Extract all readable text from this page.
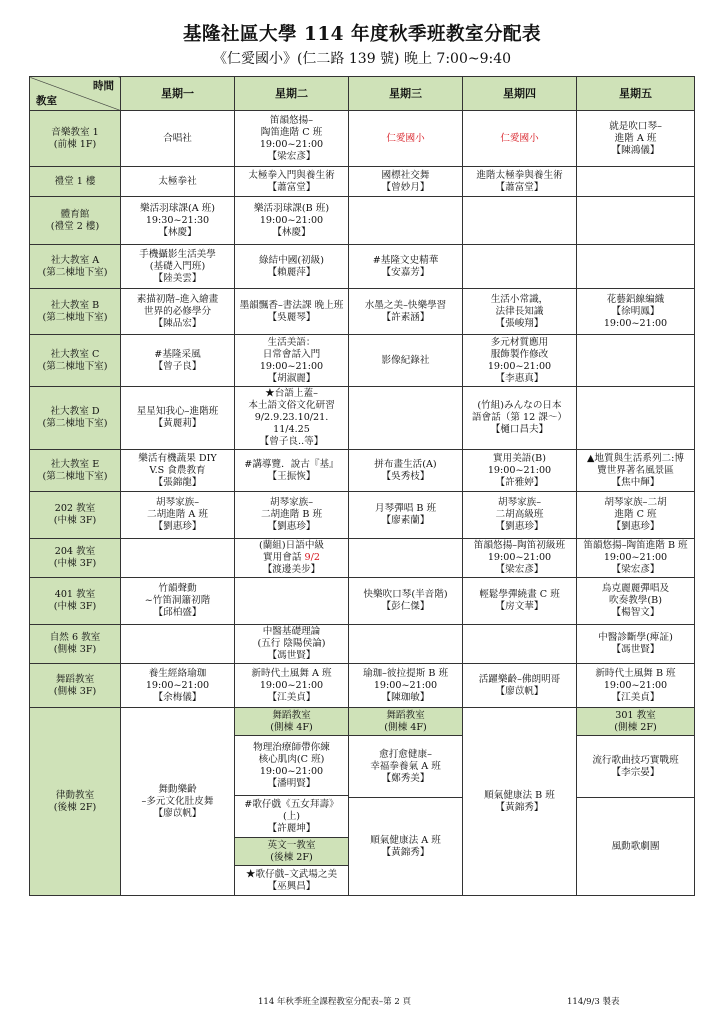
基隆社區大學 114 年度秋季班教室分配表
《仁愛國小》(仁二路 139 號) 晚上 7:00~9:40
時間
教室	星期一	星期二	星期三	星期四	星期五

音樂教室 1
(前棟 1F)	合唱社	笛韻悠揚–
陶笛進階 C 班
19:00~21:00
【梁宏彥】	仁愛國小	仁愛國小	就是吹口琴–
進階 A 班
【陳鴻儀】

禮堂 1 樓	太極拳社	太極拳入門與養生術
【蕭富堂】	國標社交舞
【曾妙月】	進階太極拳與養生術
【蕭富堂】	

體育館
(禮堂 2 樓)	樂活羽球課(A 班)
19:30~21:30
【林慶】	樂活羽球課(B 班)
19:00~21:00
【林慶】			

社大教室 A
(第二棟地下室)	手機攝影生活美學
(基礎入門班)
【陸美雲】	綠結中國(初級)
【賴麗萍】	#基隆文史精華
【安嘉芳】		

社大教室 B
(第二棟地下室)	素描初階–進入繪畫
世界的必修學分
【陳品宏】	墨韻飄香–書法課 晚上班
【吳麗琴】	水墨之美–快樂學習
【許素涵】	生活小常識，
法律長知識
【張峻翔】	花藝鋁線編織
【徐明鳳】
19:00~21:00

社大教室 C
(第二棟地下室)	#基隆采風
【曾子良】	生活美語：
日常會話入門
19:00~21:00
【胡淑麗】	影像紀錄社	多元材質應用
服飾製作修改
19:00~21:00
【李惠真】	

社大教室 D
(第二棟地下室)	星星知我心–進階班
【黃麗莉】	★台語上蓋–
本土語文俗文化研習
9/2.9.23.10/21.
11/4.25
【曾子良..等】		(竹組)みんなの日本
語會話（第 12 課～）
【樋口昌夫】	

社大教室 E
(第二棟地下室)	樂活有機蔬果 DIY
V.S 食農教育
【張錦龍】	#講導覽．說古『基』
【王振恢】	拼布畫生活(A)
【吳秀枝】	實用美語(B)
19:00~21:00
【許雅婷】	▲地質與生活系列二:博
覽世界著名風景區
【焦中輝】

202 教室
(中棟 3F)	胡琴家族–
二胡進階 A 班
【劉惠珍】	胡琴家族–
二胡進階 B 班
【劉惠珍】	月琴彈唱 B 班
【廖素蘭】	胡琴家族–
二胡高級班
【劉惠珍】	胡琴家族–二胡
進階 C 班
【劉惠珍】

204 教室
(中棟 3F)		(蘭組)日語中級
實用會話 9/2
【渡邊美步】		笛韻悠揚–陶笛初級班
19:00~21:00
【梁宏彥】	笛韻悠揚–陶笛進階 B 班
19:00~21:00
【梁宏彥】

401 教室
(中棟 3F)	竹韻聲動
~竹笛洞簫初階
【邱柏盛】		快樂吹口琴(半音階)
【彭仁傑】	輕鬆學彈繞畫 C 班
【房文華】	烏克麗麗彈唱及
吹奏教學(B)
【楊智文】

自然 6 教室
(側棟 3F)		中醫基礎理論
(五行 陰陽侯論)
【馮世賢】			中醫診斷學(痺証)
【馮世賢】

舞蹈教室
(側棟 3F)	養生經絡瑜珈
19:00~21:00
【余梅儀】	新時代土風舞 A 班
19:00~21:00
【江美貞】	瑜珈–彼拉提斯 B 班
19:00~21:00
【陳珈敏】	活躍樂齡–佛朗明哥
【廖苡帆】	新時代土風舞 B 班
19:00~21:00
【江美貞】

律動教室
(後棟 2F)	舞動樂齡
–多元文化肚皮舞
【廖苡帆】	舞蹈教室
(側棟 4F)	舞蹈教室
(側棟 4F)	順氣健康法 B 班
【黃錦秀】	301 教室
(側棟 2F)

		物理治療師帶你練
核心肌肉(C 班)
19:00~21:00
【潘明賢】	愈打愈健康–
幸福拳養氣 A 班
【鄭秀美】		流行歌曲技巧實戰班
【李宗晏】

		#歌仔戲《五女拜壽》
(上)
【許麗坤】			

			順氣健康法 A 班
【黃錦秀】		風動歌劇團

		英文一教室
(後棟 2F)			

		★歌仔戲–文武場之美
【巫興昌】			

114 年秋季班全課程教室分配表–第 2 頁	114/9/3 製表
